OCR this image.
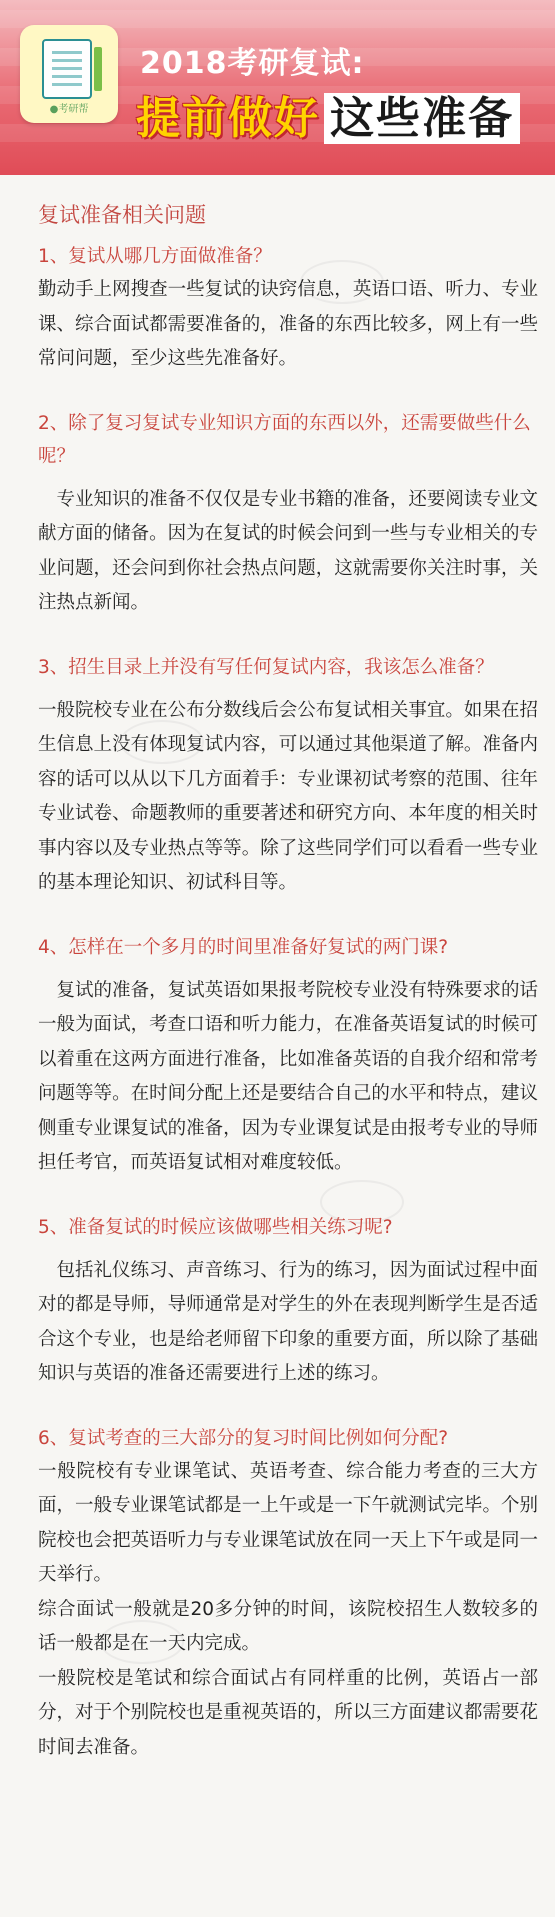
●考研帮
2018考研复试:
提前做好 这些准备
复试准备相关问题

1、复试从哪几方面做准备？

勤动手上网搜查一些复试的诀窍信息，英语口语、听力、专业课、综合面试都需要准备的，准备的东西比较多，网上有一些常问问题，至少这些先准备好。

2、除了复习复试专业知识方面的东西以外，还需要做些什么呢？

专业知识的准备不仅仅是专业书籍的准备，还要阅读专业文献方面的储备。因为在复试的时候会问到一些与专业相关的专业问题，还会问到你社会热点问题，这就需要你关注时事，关注热点新闻。

3、招生目录上并没有写任何复试内容，我该怎么准备？

一般院校专业在公布分数线后会公布复试相关事宜。如果在招生信息上没有体现复试内容，可以通过其他渠道了解。准备内容的话可以从以下几方面着手：专业课初试考察的范围、往年专业试卷、命题教师的重要著述和研究方向、本年度的相关时事内容以及专业热点等等。除了这些同学们可以看看一些专业的基本理论知识、初试科目等。

4、怎样在一个多月的时间里准备好复试的两门课?

复试的准备，复试英语如果报考院校专业没有特殊要求的话一般为面试，考查口语和听力能力，在准备英语复试的时候可以着重在这两方面进行准备，比如准备英语的自我介绍和常考问题等等。在时间分配上还是要结合自己的水平和特点，建议侧重专业课复试的准备，因为专业课复试是由报考专业的导师担任考官，而英语复试相对难度较低。

5、准备复试的时候应该做哪些相关练习呢?

包括礼仪练习、声音练习、行为的练习，因为面试过程中面对的都是导师，导师通常是对学生的外在表现判断学生是否适合这个专业，也是给老师留下印象的重要方面，所以除了基础知识与英语的准备还需要进行上述的练习。

6、复试考查的三大部分的复习时间比例如何分配?

一般院校有专业课笔试、英语考查、综合能力考查的三大方面，一般专业课笔试都是一上午或是一下午就测试完毕。个别院校也会把英语听力与专业课笔试放在同一天上下午或是同一天举行。

综合面试一般就是20多分钟的时间，该院校招生人数较多的话一般都是在一天内完成。

一般院校是笔试和综合面试占有同样重的比例，英语占一部分，对于个别院校也是重视英语的，所以三方面建议都需要花时间去准备。
